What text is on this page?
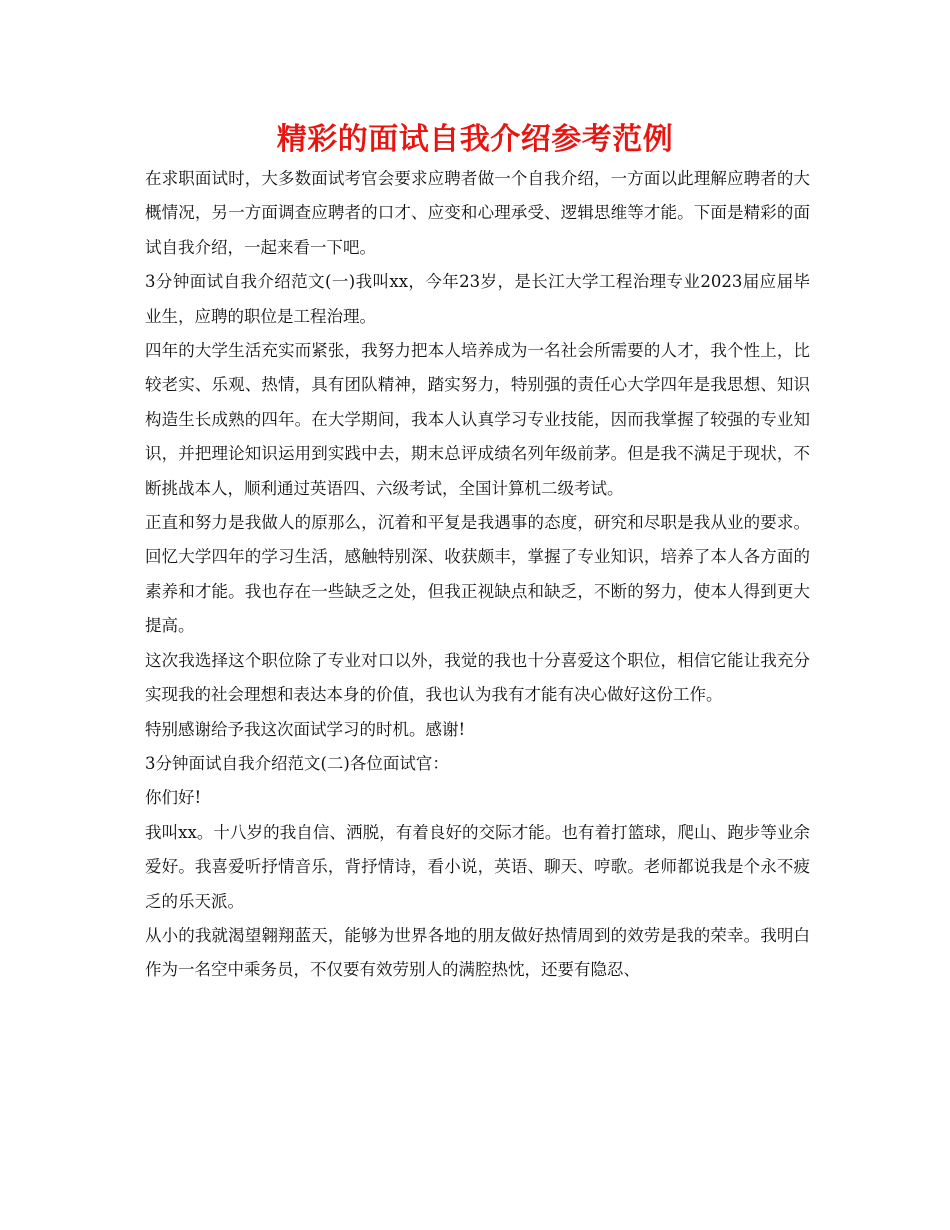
精彩的面试自我介绍参考范例

在求职面试时，大多数面试考官会要求应聘者做一个自我介绍，一方面以此理解应聘者的大概情况，另一方面调查应聘者的口才、应变和心理承受、逻辑思维等才能。下面是精彩的面试自我介绍，一起来看一下吧。

3分钟面试自我介绍范文(一)我叫xx，今年23岁，是长江大学工程治理专业2023届应届毕业生，应聘的职位是工程治理。

四年的大学生活充实而紧张，我努力把本人培养成为一名社会所需要的人才，我个性上，比较老实、乐观、热情，具有团队精神，踏实努力，特别强的责任心大学四年是我思想、知识构造生长成熟的四年。在大学期间，我本人认真学习专业技能，因而我掌握了较强的专业知识，并把理论知识运用到实践中去，期末总评成绩名列年级前茅。但是我不满足于现状，不断挑战本人，顺利通过英语四、六级考试，全国计算机二级考试。

正直和努力是我做人的原那么，沉着和平复是我遇事的态度，研究和尽职是我从业的要求。回忆大学四年的学习生活，感触特别深、收获颇丰，掌握了专业知识，培养了本人各方面的素养和才能。我也存在一些缺乏之处，但我正视缺点和缺乏，不断的努力，使本人得到更大提高。

这次我选择这个职位除了专业对口以外，我觉的我也十分喜爱这个职位，相信它能让我充分实现我的社会理想和表达本身的价值，我也认为我有才能有决心做好这份工作。

特别感谢给予我这次面试学习的时机。感谢!

3分钟面试自我介绍范文(二)各位面试官：

你们好!

我叫xx。十八岁的我自信、洒脱，有着良好的交际才能。也有着打篮球，爬山、跑步等业余爱好。我喜爱听抒情音乐，背抒情诗，看小说，英语、聊天、哼歌。老师都说我是个永不疲乏的乐天派。

从小的我就渴望翱翔蓝天，能够为世界各地的朋友做好热情周到的效劳是我的荣幸。我明白作为一名空中乘务员，不仅要有效劳别人的满腔热忱，还要有隐忍、
